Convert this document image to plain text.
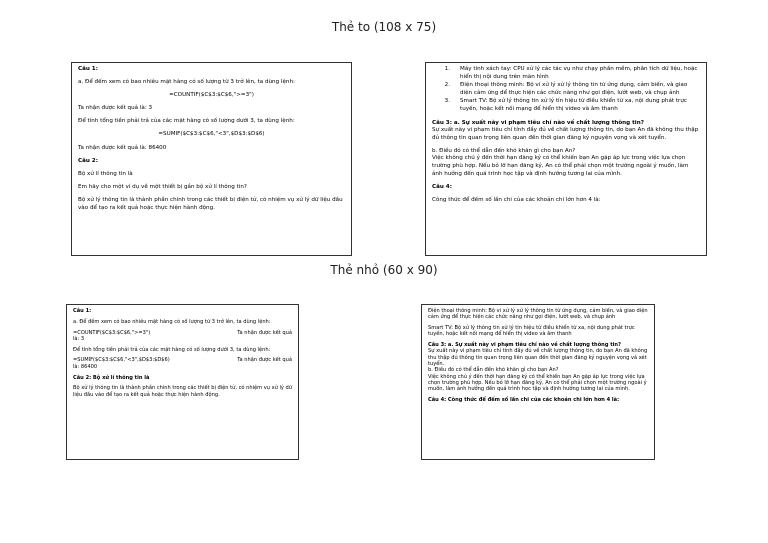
Thẻ to (108 x 75)
Câu 1:
a. Để đếm xem có bao nhiêu mặt hàng có số lượng từ 3 trở lên, ta dùng lệnh:
=COUNTIF($C$3:$C$6,">=3")
Ta nhận được kết quả là: 3
Để tính tổng tiền phải trả của các mặt hàng có số lượng dưới 3, ta dùng lệnh:
=SUMIF($C$3:$C$6,"<3",$D$3:$D$6)
Ta nhận được kết quả là: 86400
Câu 2:
Bộ xử lí thông tin là
Em hãy cho một ví dụ về một thiết bị gắn bộ xử lí thông tin?
Bộ xử lý thông tin là thành phần chính trong các thiết bị điện tử, có nhiệm vụ xử lý dữ liệu đầu vào để tạo ra kết quả hoặc thực hiện hành động.
1.	Máy tính xách tay: CPU xử lý các tác vụ như chạy phần mềm, phân tích dữ liệu, hoặc hiển thị nội dung trên màn hình
2.	Điện thoại thông minh: Bộ vi xử lý xử lý thông tin từ ứng dụng, cảm biến, và giao diện cảm ứng để thực hiện các chức năng như gọi điện, lướt web, và chụp ảnh
3.	Smart TV: Bộ xử lý thông tin xử lý tín hiệu từ điều khiển từ xa, nội dung phát trực tuyến, hoặc kết nối mạng để hiển thị video và âm thanh
Câu 3: a. Sự xuất này vi phạm tiêu chí nào về chất lượng thông tin?
Sự xuất này vi phạm tiêu chí tính đầy đủ về chất lượng thông tin, do bạn An đã không thu thập đủ thông tin quan trọng liên quan đến thời gian đăng ký nguyện vọng và xét tuyển.
b. Điều đó có thể dẫn đến khó khăn gì cho bạn An?
Việc không chú ý đến thời hạn đăng ký có thể khiến bạn An gặp áp lực trong việc lựa chọn trường phù hợp. Nếu bỏ lỡ hạn đăng ký, An có thể phải chọn một trường ngoài ý muốn, làm ảnh hưởng đến quá trình học tập và định hướng tương lai của mình.
Câu 4:
Công thức để đếm số lần chi của các khoản chi lớn hơn 4 là:
Thẻ nhỏ (60 x 90)
Câu 1:
a. Để đếm xem có bao nhiêu mặt hàng có số lượng từ 3 trở lên, ta dùng lệnh:
=COUNTIF($C$3:$C$6,">=3")	Ta nhận được kết quả
là: 3
Để tính tổng tiền phải trả của các mặt hàng có số lượng dưới 3, ta dùng lệnh:
=SUMIF($C$3:$C$6,"<3",$D$3:$D$6)	Ta nhận được kết quả
là: 86400
Câu 2: Bộ xử lí thông tin là
Bộ xử lý thông tin là thành phần chính trong các thiết bị điện tử, có nhiệm vụ xử lý dữ liệu đầu vào để tạo ra kết quả hoặc thực hiện hành động.
Điện thoại thông minh: Bộ vi xử lý xử lý thông tin từ ứng dụng, cảm biến, và giao diện cảm ứng để thực hiện các chức năng như gọi điện, lướt web, và chụp ảnh
Smart TV: Bộ xử lý thông tin xử lý tín hiệu từ điều khiển từ xa, nội dung phát trực tuyến, hoặc kết nối mạng để hiển thị video và âm thanh
Câu 3: a. Sự xuất này vi phạm tiêu chí nào về chất lượng thông tin?
Sự xuất này vi phạm tiêu chí tính đầy đủ về chất lượng thông tin, do bạn An đã không thu thập đủ thông tin quan trọng liên quan đến thời gian đăng ký nguyện vọng và xét tuyển.
b. Điều đó có thể dẫn đến khó khăn gì cho bạn An?
Việc không chú ý đến thời hạn đăng ký có thể khiến bạn An gặp áp lực trong việc lựa chọn trường phù hợp. Nếu bỏ lỡ hạn đăng ký, An có thể phải chọn một trường ngoài ý muốn, làm ảnh hưởng đến quá trình học tập và định hướng tương lai của mình.
Câu 4: Công thức để đếm số lần chi của các khoản chi lớn hơn 4 là:
